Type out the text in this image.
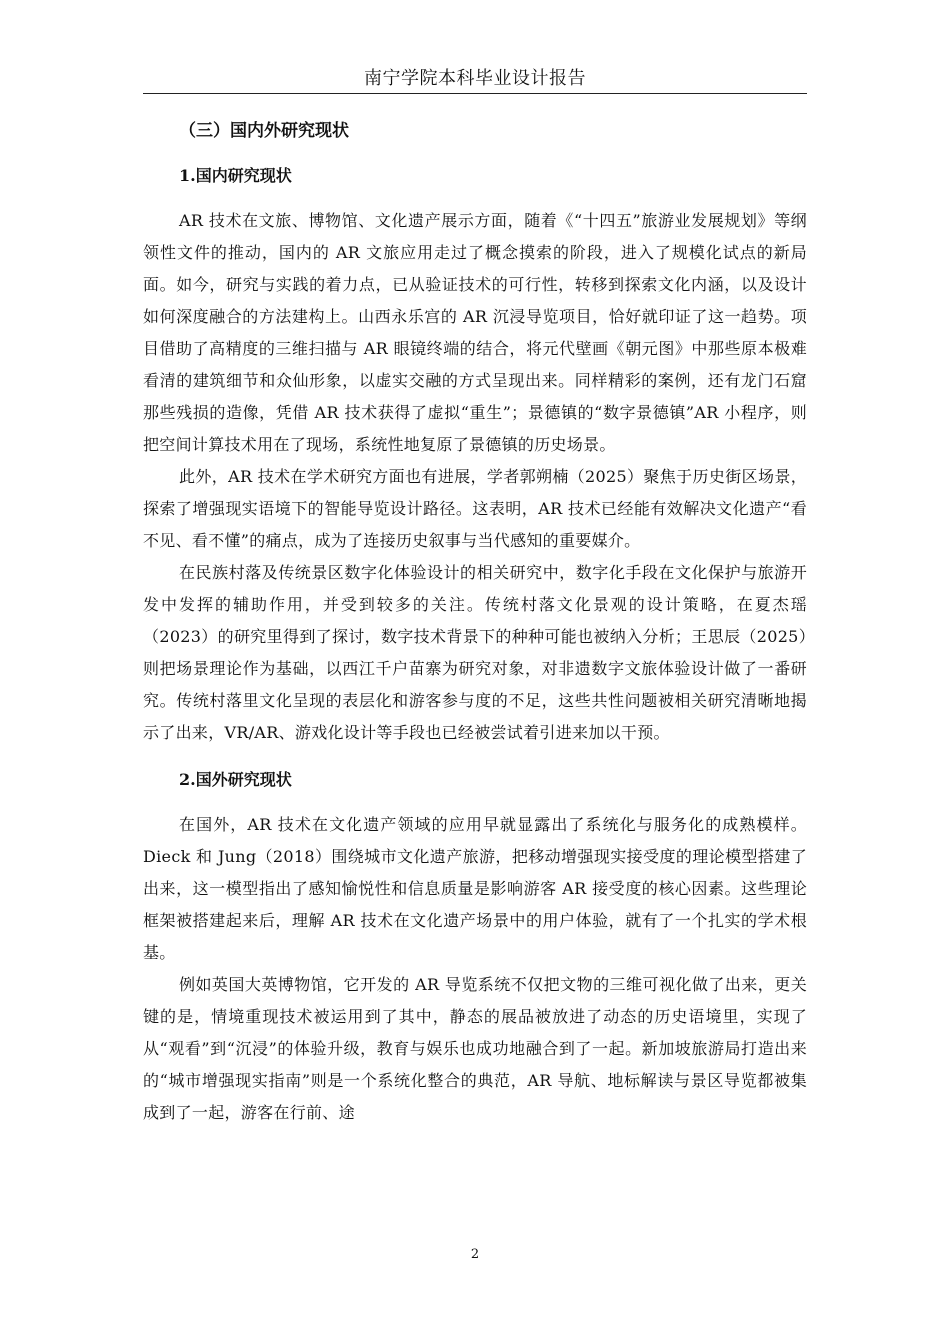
南宁学院本科毕业设计报告
（三）国内外研究现状
1.国内研究现状

AR 技术在文旅、博物馆、文化遗产展示方面，随着《“十四五”旅游业发展规划》等纲领性文件的推动，国内的 AR 文旅应用走过了概念摸索的阶段，进入了规模化试点的新局面。如今，研究与实践的着力点，已从验证技术的可行性，转移到探索文化内涵，以及设计如何深度融合的方法建构上。山西永乐宫的 AR 沉浸导览项目，恰好就印证了这一趋势。项目借助了高精度的三维扫描与 AR 眼镜终端的结合，将元代壁画《朝元图》中那些原本极难看清的建筑细节和众仙形象，以虚实交融的方式呈现出来。同样精彩的案例，还有龙门石窟那些残损的造像，凭借 AR 技术获得了虚拟“重生”；景德镇的“数字景德镇”AR 小程序，则把空间计算技术用在了现场，系统性地复原了景德镇的历史场景。

此外，AR 技术在学术研究方面也有进展，学者郭朔楠（2025）聚焦于历史街区场景，探索了增强现实语境下的智能导览设计路径。这表明，AR 技术已经能有效解决文化遗产“看不见、看不懂”的痛点，成为了连接历史叙事与当代感知的重要媒介。

在民族村落及传统景区数字化体验设计的相关研究中，数字化手段在文化保护与旅游开发中发挥的辅助作用，并受到较多的关注。传统村落文化景观的设计策略，在夏杰瑶（2023）的研究里得到了探讨，数字技术背景下的种种可能也被纳入分析；王思辰（2025）则把场景理论作为基础，以西江千户苗寨为研究对象，对非遗数字文旅体验设计做了一番研究。传统村落里文化呈现的表层化和游客参与度的不足，这些共性问题被相关研究清晰地揭示了出来，VR/AR、游戏化设计等手段也已经被尝试着引进来加以干预。

2.国外研究现状

在国外，AR 技术在文化遗产领域的应用早就显露出了系统化与服务化的成熟模样。Dieck 和 Jung（2018）围绕城市文化遗产旅游，把移动增强现实接受度的理论模型搭建了出来，这一模型指出了感知愉悦性和信息质量是影响游客 AR 接受度的核心因素。这些理论框架被搭建起来后，理解 AR 技术在文化遗产场景中的用户体验，就有了一个扎实的学术根基。

例如英国大英博物馆，它开发的 AR 导览系统不仅把文物的三维可视化做了出来，更关键的是，情境重现技术被运用到了其中，静态的展品被放进了动态的历史语境里，实现了从“观看”到“沉浸”的体验升级，教育与娱乐也成功地融合到了一起。新加坡旅游局打造出来的“城市增强现实指南”则是一个系统化整合的典范，AR 导航、地标解读与景区导览都被集成到了一起，游客在行前、途

2
